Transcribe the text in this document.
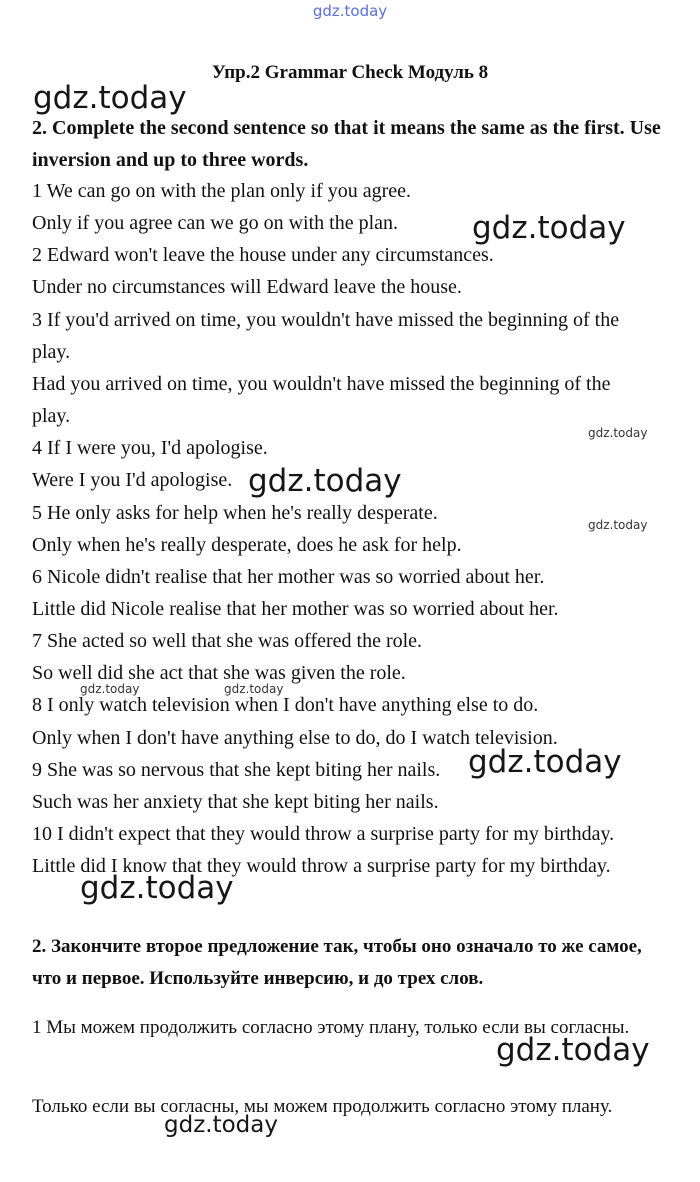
gdz.today
Упр.2 Grammar Check Модуль 8
2. Complete the second sentence so that it means the same as the first. Use inversion and up to three words.
1 We can go on with the plan only if you agree.
Only if you agree can we go on with the plan.
2 Edward won't leave the house under any circumstances.
Under no circumstances will Edward leave the house.
3 If you'd arrived on time, you wouldn't have missed the beginning of the
play.
Had you arrived on time, you wouldn't have missed the beginning of the
play.
4 If I were you, I'd apologise.
Were I you I'd apologise.
5 He only asks for help when he's really desperate.
Only when he's really desperate, does he ask for help.
6 Nicole didn't realise that her mother was so worried about her.
Little did Nicole realise that her mother was so worried about her.
7 She acted so well that she was offered the role.
So well did she act that she was given the role.
8 I only watch television when I don't have anything else to do.
Only when I don't have anything else to do, do I watch television.
9 She was so nervous that she kept biting her nails.
Such was her anxiety that she kept biting her nails.
10 I didn't expect that they would throw a surprise party for my birthday.
Little did I know that they would throw a surprise party for my birthday.
2. Закончите второе предложение так, чтобы оно означало то же самое, что и первое. Используйте инверсию, и до трех слов.
1 Мы можем продолжить согласно этому плану, только если вы согласны.
Только если вы согласны, мы можем продолжить согласно этому плану.
gdz.today
gdz.today
gdz.today
gdz.today
gdz.today
gdz.today	gdz.today
gdz.today
gdz.today
gdz.today
gdz.today
